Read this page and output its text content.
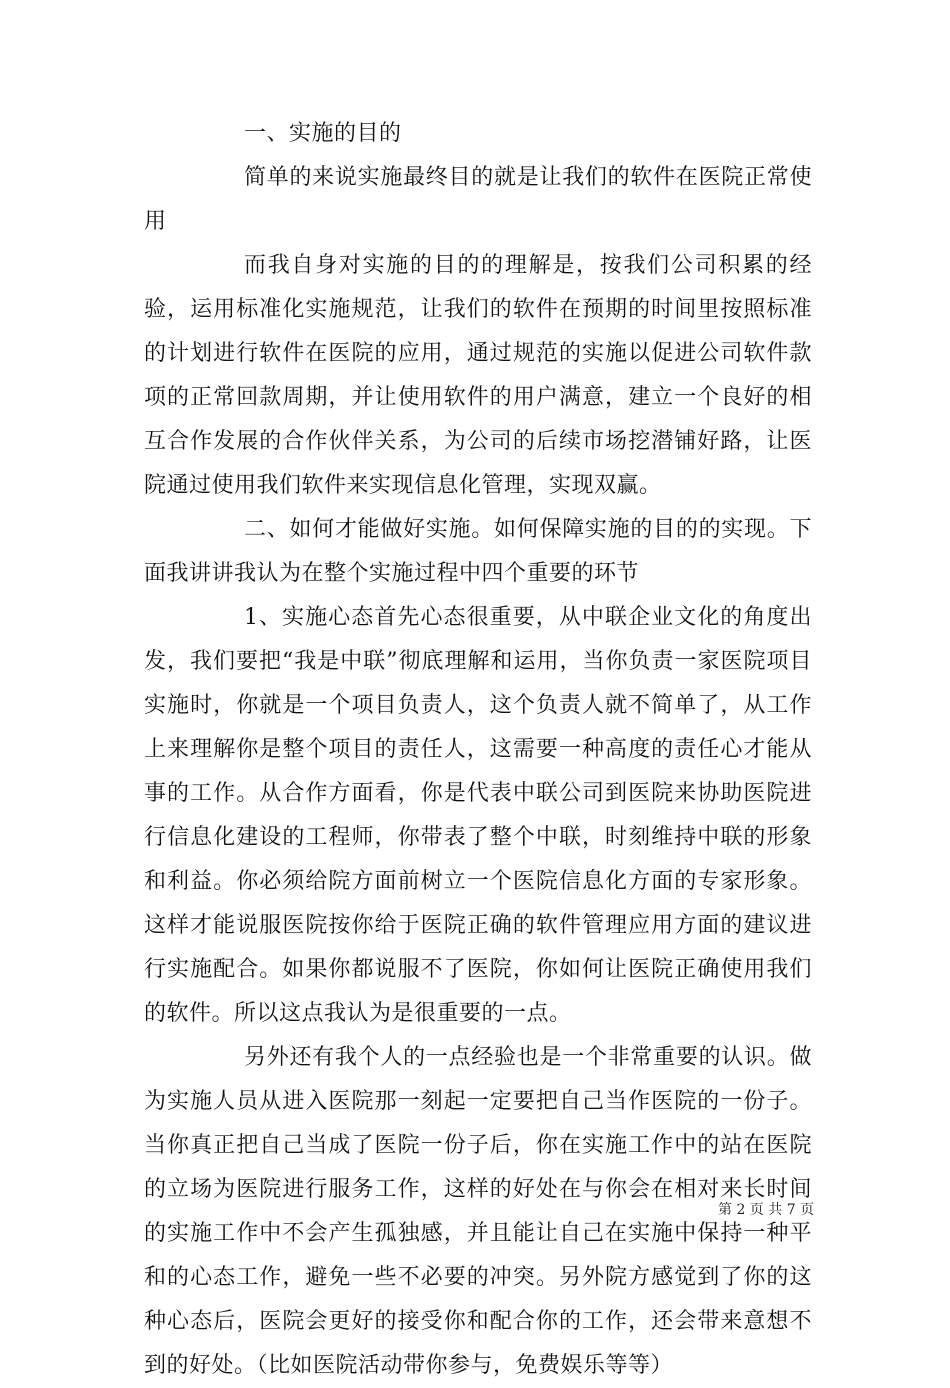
一、实施的目的

简单的来说实施最终目的就是让我们的软件在医院正常使用

而我自身对实施的目的的理解是，按我们公司积累的经验，运用标准化实施规范，让我们的软件在预期的时间里按照标准的计划进行软件在医院的应用，通过规范的实施以促进公司软件款项的正常回款周期，并让使用软件的用户满意，建立一个良好的相互合作发展的合作伙伴关系，为公司的后续市场挖潜铺好路，让医院通过使用我们软件来实现信息化管理，实现双赢。

二、如何才能做好实施。如何保障实施的目的的实现。下面我讲讲我认为在整个实施过程中四个重要的环节

1、实施心态首先心态很重要，从中联企业文化的角度出发，我们要把“我是中联”彻底理解和运用，当你负责一家医院项目实施时，你就是一个项目负责人，这个负责人就不简单了，从工作上来理解你是整个项目的责任人，这需要一种高度的责任心才能从事的工作。从合作方面看，你是代表中联公司到医院来协助医院进行信息化建设的工程师，你带表了整个中联，时刻维持中联的形象和利益。你必须给院方面前树立一个医院信息化方面的专家形象。这样才能说服医院按你给于医院正确的软件管理应用方面的建议进行实施配合。如果你都说服不了医院，你如何让医院正确使用我们的软件。所以这点我认为是很重要的一点。

另外还有我个人的一点经验也是一个非常重要的认识。做为实施人员从进入医院那一刻起一定要把自己当作医院的一份子。当你真正把自己当成了医院一份子后，你在实施工作中的站在医院的立场为医院进行服务工作，这样的好处在与你会在相对来长时间的实施工作中不会产生孤独感，并且能让自己在实施中保持一种平和的心态工作，避免一些不必要的冲突。另外院方感觉到了你的这种心态后，医院会更好的接受你和配合你的工作，还会带来意想不到的好处。（比如医院活动带你参与，免费娱乐等等）

第 2 页 共 7 页
